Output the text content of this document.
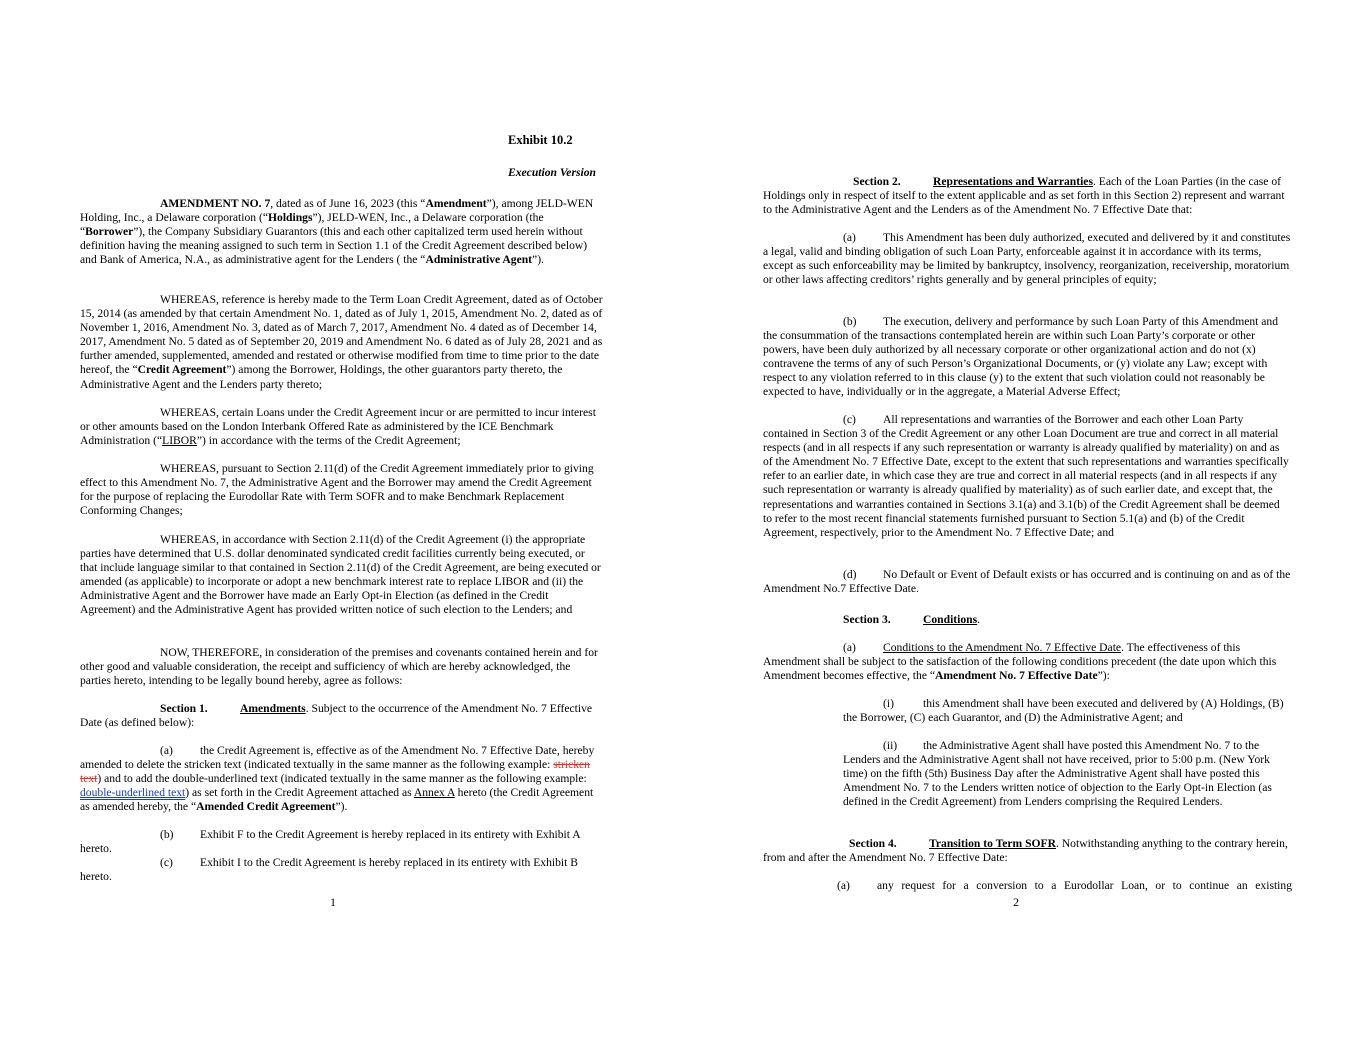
Exhibit 10.2
Execution Version

AMENDMENT NO. 7, dated as of June 16, 2023 (this “Amendment”), among JELD-WEN Holding, Inc., a Delaware corporation (“Holdings”), JELD-WEN, Inc., a Delaware corporation (the “Borrower”), the Company Subsidiary Guarantors (this and each other capitalized term used herein without definition having the meaning assigned to such term in Section 1.1 of the Credit Agreement described below) and Bank of America, N.A., as administrative agent for the Lenders ( the “Administrative Agent”).

WHEREAS, reference is hereby made to the Term Loan Credit Agreement, dated as of October 15, 2014 (as amended by that certain Amendment No. 1, dated as of July 1, 2015, Amendment No. 2, dated as of November 1, 2016, Amendment No. 3, dated as of March 7, 2017, Amendment No. 4 dated as of December 14, 2017, Amendment No. 5 dated as of September 20, 2019 and Amendment No. 6 dated as of July 28, 2021 and as further amended, supplemented, amended and restated or otherwise modified from time to time prior to the date hereof, the “Credit Agreement”) among the Borrower, Holdings, the other guarantors party thereto, the Administrative Agent and the Lenders party thereto;

WHEREAS, certain Loans under the Credit Agreement incur or are permitted to incur interest or other amounts based on the London Interbank Offered Rate as administered by the ICE Benchmark Administration (“LIBOR”) in accordance with the terms of the Credit Agreement;

WHEREAS, pursuant to Section 2.11(d) of the Credit Agreement immediately prior to giving effect to this Amendment No. 7, the Administrative Agent and the Borrower may amend the Credit Agreement for the purpose of replacing the Eurodollar Rate with Term SOFR and to make Benchmark Replacement Conforming Changes;

WHEREAS, in accordance with Section 2.11(d) of the Credit Agreement (i) the appropriate parties have determined that U.S. dollar denominated syndicated credit facilities currently being executed, or that include language similar to that contained in Section 2.11(d) of the Credit Agreement, are being executed or amended (as applicable) to incorporate or adopt a new benchmark interest rate to replace LIBOR and (ii) the Administrative Agent and the Borrower have made an Early Opt-in Election (as defined in the Credit Agreement) and the Administrative Agent has provided written notice of such election to the Lenders; and

NOW, THEREFORE, in consideration of the premises and covenants contained herein and for other good and valuable consideration, the receipt and sufficiency of which are hereby acknowledged, the parties hereto, intending to be legally bound hereby, agree as follows:

Section 1.	Amendments. Subject to the occurrence of the Amendment No. 7 Effective Date (as defined below):

(a) the Credit Agreement is, effective as of the Amendment No. 7 Effective Date, hereby amended to delete the stricken text (indicated textually in the same manner as the following example: stricken text) and to add the double-underlined text (indicated textually in the same manner as the following example: double-underlined text) as set forth in the Credit Agreement attached as Annex A hereto (the Credit Agreement as amended hereby, the “Amended Credit Agreement”).

(b) Exhibit F to the Credit Agreement is hereby replaced in its entirety with Exhibit A hereto.

(c) Exhibit I to the Credit Agreement is hereby replaced in its entirety with Exhibit B hereto.

1

Section 2.	Representations and Warranties. Each of the Loan Parties (in the case of Holdings only in respect of itself to the extent applicable and as set forth in this Section 2) represent and warrant to the Administrative Agent and the Lenders as of the Amendment No. 7 Effective Date that:

(a) This Amendment has been duly authorized, executed and delivered by it and constitutes a legal, valid and binding obligation of such Loan Party, enforceable against it in accordance with its terms, except as such enforceability may be limited by bankruptcy, insolvency, reorganization, receivership, moratorium or other laws affecting creditors’ rights generally and by general principles of equity;

(b) The execution, delivery and performance by such Loan Party of this Amendment and the consummation of the transactions contemplated herein are within such Loan Party’s corporate or other powers, have been duly authorized by all necessary corporate or other organizational action and do not (x) contravene the terms of any of such Person’s Organizational Documents, or (y) violate any Law; except with respect to any violation referred to in this clause (y) to the extent that such violation could not reasonably be expected to have, individually or in the aggregate, a Material Adverse Effect;

(c) All representations and warranties of the Borrower and each other Loan Party contained in Section 3 of the Credit Agreement or any other Loan Document are true and correct in all material respects (and in all respects if any such representation or warranty is already qualified by materiality) on and as of the Amendment No. 7 Effective Date, except to the extent that such representations and warranties specifically refer to an earlier date, in which case they are true and correct in all material respects (and in all respects if any such representation or warranty is already qualified by materiality) as of such earlier date, and except that, the representations and warranties contained in Sections 3.1(a) and 3.1(b) of the Credit Agreement shall be deemed to refer to the most recent financial statements furnished pursuant to Section 5.1(a) and (b) of the Credit Agreement, respectively, prior to the Amendment No. 7 Effective Date; and

(d) No Default or Event of Default exists or has occurred and is continuing on and as of the Amendment No.7 Effective Date.

Section 3.	Conditions.

(a) Conditions to the Amendment No. 7 Effective Date. The effectiveness of this Amendment shall be subject to the satisfaction of the following conditions precedent (the date upon which this Amendment becomes effective, the “Amendment No. 7 Effective Date”):

(i)	this Amendment shall have been executed and delivered by (A) Holdings, (B) the Borrower, (C) each Guarantor, and (D) the Administrative Agent; and

(ii) the Administrative Agent shall have posted this Amendment No. 7 to the Lenders and the Administrative Agent shall not have received, prior to 5:00 p.m. (New York time) on the fifth (5th) Business Day after the Administrative Agent shall have posted this Amendment No. 7 to the Lenders written notice of objection to the Early Opt-in Election (as defined in the Credit Agreement) from Lenders comprising the Required Lenders.

Section 4.	Transition to Term SOFR. Notwithstanding anything to the contrary herein, from and after the Amendment No. 7 Effective Date:

(a) any request for a conversion to a Eurodollar Loan, or to continue an existing

2
